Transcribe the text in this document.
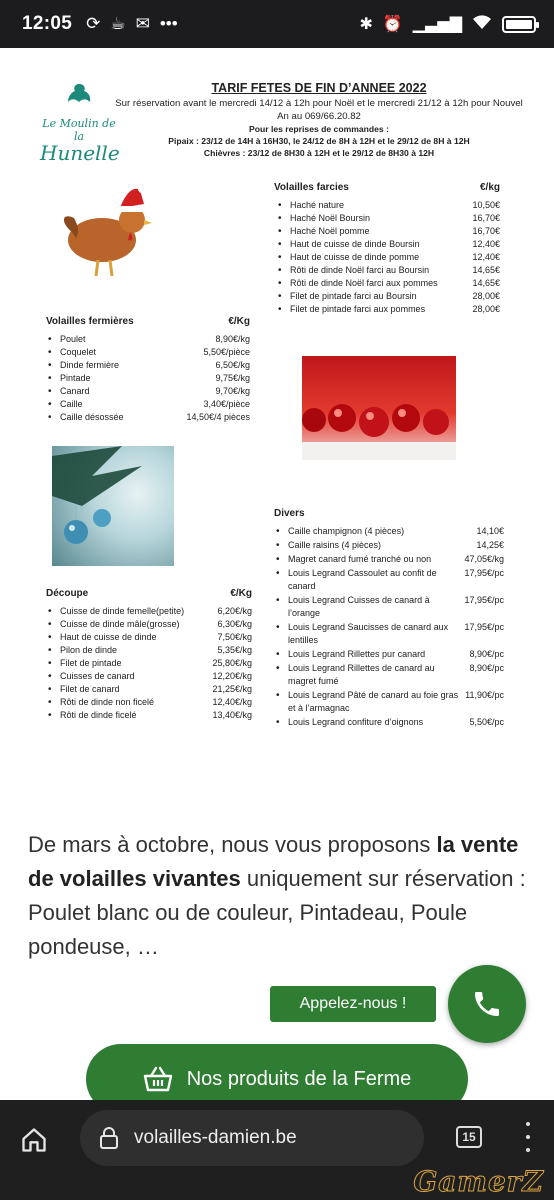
12:05 ⟳ ☕ ✉ •••	✱ ⏰ ▁▃▅▇
Le Moulin de la
Hunelle
TARIF FETES DE FIN D’ANNEE 2022
Sur réservation avant le mercredi 14/12 à 12h pour Noël et le mercredi 21/12 à 12h pour Nouvel An au 069/66.20.82
Pour les reprises de commandes :
Pipaix : 23/12 de 14H à 16H30, le 24/12 de 8H à 12H et le 29/12 de 8H à 12H
Chièvres : 23/12 de 8H30 à 12H et le 29/12 de 8H30 à 12H
Volailles farcies	€/kg
• Haché nature	10,50€
• Haché Noël Boursin	16,70€
• Haché Noël pomme	16,70€
• Haut de cuisse de dinde Boursin	12,40€
• Haut de cuisse de dinde pomme	12,40€
• Rôti de dinde Noël farci au Boursin	14,65€
• Rôti de dinde Noël farci aux pommes	14,65€
• Filet de pintade farci au Boursin	28,00€
• Filet de pintade farci aux pommes	28,00€
Volailles fermières	€/Kg
• Poulet	8,90€/kg
• Coquelet	5,50€/pièce
• Dinde fermière	6,50€/kg
• Pintade	9,75€/kg
• Canard	9,70€/kg
• Caille	3,40€/pièce
• Caille désossée	14,50€/4 pièces
Divers
• Caille champignon (4 pièces)	14,10€
• Caille raisins (4 pièces)	14,25€
• Magret canard fumé tranché ou non	47,05€/kg
• Louis Legrand Cassoulet au confit de canard
17,95€/pc
• Louis Legrand Cuisses de canard à l’orange
17,95€/pc
• Louis Legrand Saucisses de canard aux lentilles
17,95€/pc
• Louis Legrand Rillettes pur canard	8,90€/pc
• Louis Legrand Rillettes de canard au magret fumé
8,90€/pc
• Louis Legrand Pâté de canard au foie gras et à l’armagnac
11,90€/pc
• Louis Legrand confiture d’oignons	5,50€/pc
Découpe	€/Kg
• Cuisse de dinde femelle(petite)	6,20€/kg
• Cuisse de dinde mâle(grosse)	6,30€/kg
• Haut de cuisse de dinde	7,50€/kg
• Pilon de dinde	5,35€/kg
• Filet de pintade	25,80€/kg
• Cuisses de canard	12,20€/kg
• Filet de canard	21,25€/kg
• Rôti de dinde non ficelé	12,40€/kg
• Rôti de dinde ficelé	13,40€/kg

De mars à octobre, nous vous proposons la vente de volailles vivantes uniquement sur réservation : Poulet blanc ou de couleur, Pintadeau, Poule pondeuse, …

Appelez-nous !
Nos produits de la Ferme
volailles-damien.be	15
GamerZ
